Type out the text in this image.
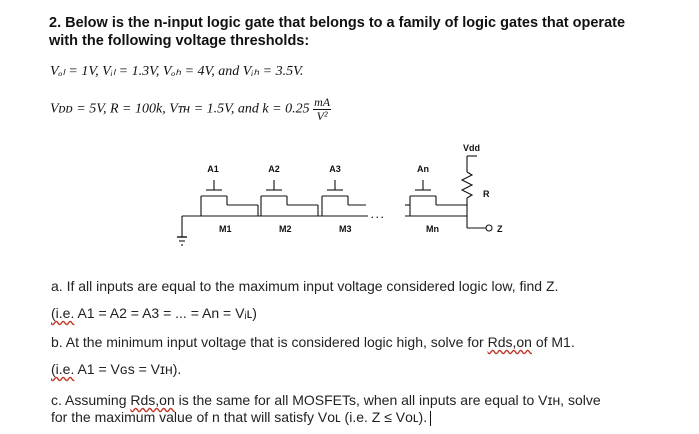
2. Below is the n-input logic gate that belongs to a family of logic gates that operate
with the following voltage thresholds:
Vₒₗ = 1V, Vᵢₗ = 1.3V, Vₒₕ = 4V, and Vᵢₕ = 3.5V.
Vᴅᴅ = 5V, R = 100k, Vᴛʜ = 1.5V, and $k = 0.25 \frac{mA}{\text{V²}}$
A1	A2	A3	An
M1	M2	M3	Mn
. . .
Vdd
R
Z
a. If all inputs are equal to the maximum input voltage considered logic low, find Z.
(i.e. A1 = A2 = A3 = ... = An = Vᵢʟ)
b. At the minimum input voltage that is considered logic high, solve for Rds,on of M1.
(i.e. A1 = Vɢs = Vɪʜ).
c. Assuming Rds,on is the same for all MOSFETs, when all inputs are equal to Vɪʜ, solve
for the maximum value of n that will satisfy Vᴏʟ (i.e. Z ≤ Vᴏʟ).
